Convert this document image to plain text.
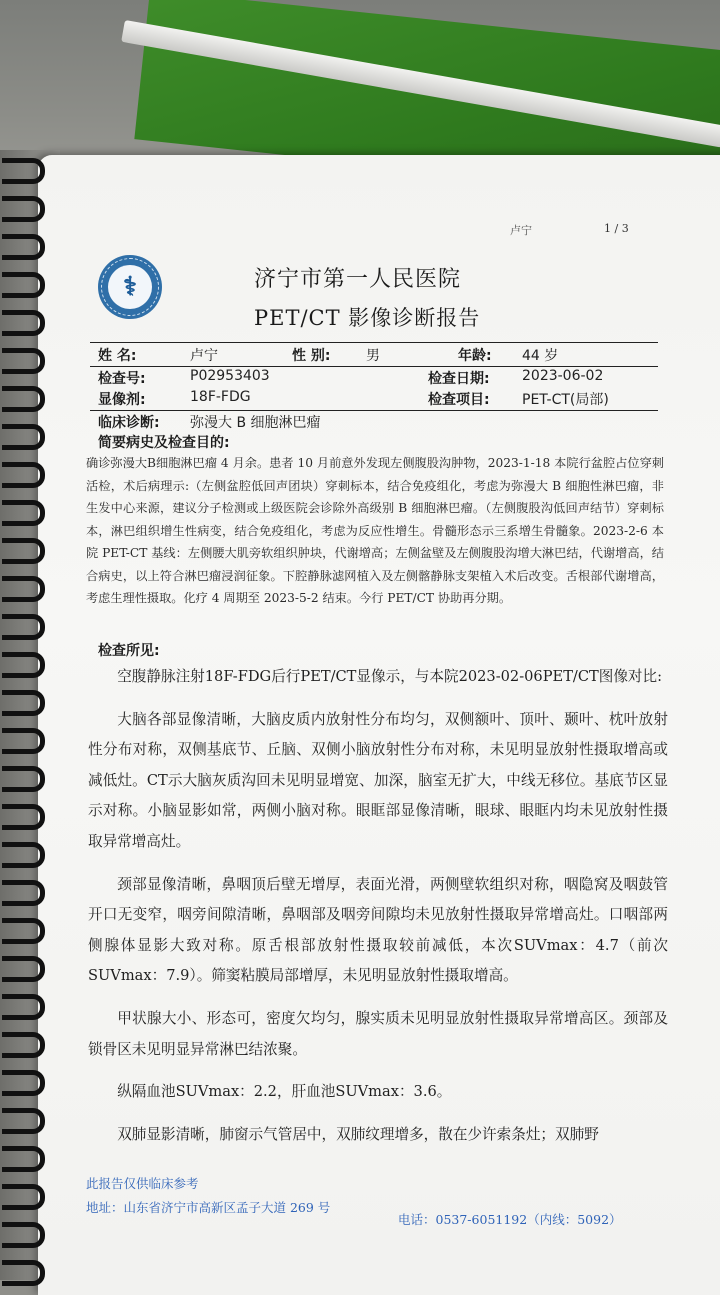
卢宁	1 / 3
⚕	济宁市第一人民医院
PET/CT 影像诊断报告
姓 名:	卢宁	性 别:	男	年龄: 44 岁
检查号:	P02953403	检查日期: 2023-06-02
显像剂:	18F-FDG	检查项目: PET-CT(局部)
临床诊断: 弥漫大 B 细胞淋巴瘤
简要病史及检查目的:
确诊弥漫大B细胞淋巴瘤 4 月余。患者 10 月前意外发现左侧腹股沟肿物，2023-1-18 本院行盆腔占位穿刺活检，术后病理示:（左侧盆腔低回声团块）穿刺标本，结合免疫组化，考虑为弥漫大 B 细胞性淋巴瘤，非生发中心来源，建议分子检测或上级医院会诊除外高级别 B 细胞淋巴瘤。（左侧腹股沟低回声结节）穿刺标本，淋巴组织增生性病变，结合免疫组化，考虑为反应性增生。骨髓形态示三系增生骨髓象。2023-2-6 本院 PET-CT 基线：左侧腰大肌旁软组织肿块，代谢增高；左侧盆壁及左侧腹股沟增大淋巴结，代谢增高，结合病史，以上符合淋巴瘤浸润征象。下腔静脉滤网植入及左侧髂静脉支架植入术后改变。舌根部代谢增高，考虑生理性摄取。化疗 4 周期至 2023-5-2 结束。今行 PET/CT 协助再分期。
检查所见:

空腹静脉注射18F-FDG后行PET/CT显像示，与本院2023-02-06PET/CT图像对比:

大脑各部显像清晰，大脑皮质内放射性分布均匀，双侧额叶、顶叶、颞叶、枕叶放射性分布对称，双侧基底节、丘脑、双侧小脑放射性分布对称，未见明显放射性摄取增高或减低灶。CT示大脑灰质沟回未见明显增宽、加深，脑室无扩大，中线无移位。基底节区显示对称。小脑显影如常，两侧小脑对称。眼眶部显像清晰，眼球、眼眶内均未见放射性摄取异常增高灶。

颈部显像清晰，鼻咽顶后壁无增厚，表面光滑，两侧壁软组织对称，咽隐窝及咽鼓管开口无变窄，咽旁间隙清晰，鼻咽部及咽旁间隙均未见放射性摄取异常增高灶。口咽部两侧腺体显影大致对称。原舌根部放射性摄取较前减低，本次SUVmax：4.7（前次SUVmax：7.9）。筛窦粘膜局部增厚，未见明显放射性摄取增高。

甲状腺大小、形态可，密度欠均匀，腺实质未见明显放射性摄取异常增高区。颈部及锁骨区未见明显异常淋巴结浓聚。

纵隔血池SUVmax：2.2，肝血池SUVmax：3.6。

双肺显影清晰，肺窗示气管居中，双肺纹理增多，散在少许索条灶；双肺野

此报告仅供临床参考
地址：山东省济宁市高新区孟子大道 269 号
电话：0537-6051192（内线：5092）
